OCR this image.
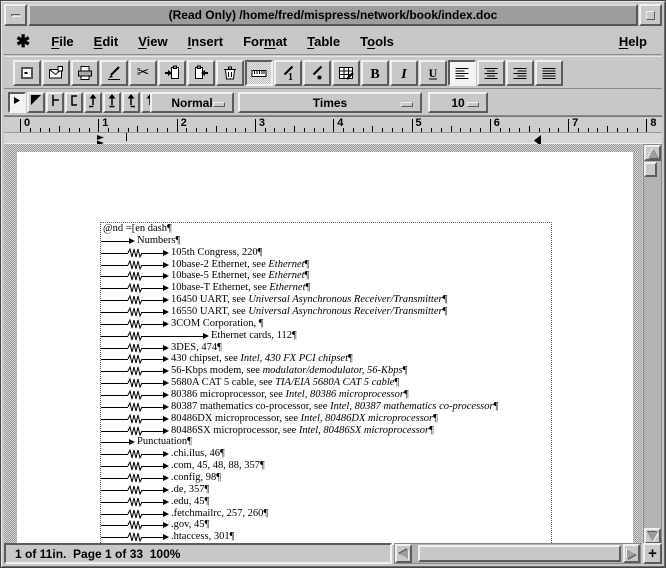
(Read Only) /home/fred/mispress/network/book/index.doc
✱	File	Edit	View	Insert	Format	Table	Tools	Help
✂	1	B I U
Normal	Times	10
0	1	2	3	4	5	6	7	8
@nd =[en dash¶
Numbers¶
105th Congress, 220¶
10base-2 Ethernet, see Ethernet¶
10base-5 Ethernet, see Ethernet¶
10base-T Ethernet, see Ethernet¶
16450 UART, see Universal Asynchronous Receiver/Transmitter¶
16550 UART, see Universal Asynchronous Receiver/Transmitter¶
3COM Corporation, ¶
Ethernet cards, 112¶
3DES, 474¶
430 chipset, see Intel, 430 FX PCI chipset¶
56-Kbps modem, see modulator/demodulator, 56-Kbps¶
5680A CAT 5 cable, see TIA/EIA 5680A CAT 5 cable¶
80386 microprocessor, see Intel, 80386 microprocessor¶
80387 mathematics co-processor, see Intel, 80387 mathematics co-processor¶
80486DX microprocessor, see Intel, 80486DX microprocessor¶
80486SX microprocessor, see Intel, 80486SX microprocessor¶
Punctuation¶
.chi.ilus, 46¶
.com, 45, 48, 88, 357¶
.config, 98¶
.de, 357¶
.edu, 45¶
.fetchmailrc, 257, 260¶
.gov, 45¶
.htaccess, 301¶
1 of 11in.  Page 1 of 33  100%	+
